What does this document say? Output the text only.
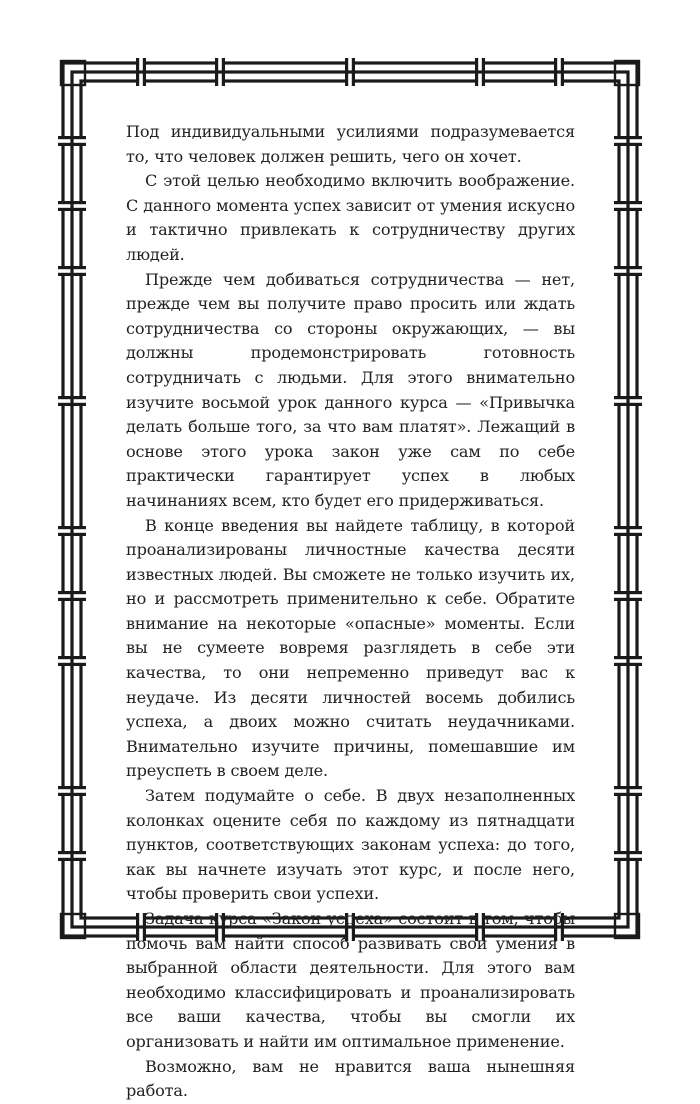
Под индивидуальными усилиями подразумевается то, что человек должен решить, чего он хочет.

С этой целью необходимо включить воображение. С данного момента успех зависит от умения искусно и тактично привлекать к сотрудничеству других людей.

Прежде чем добиваться сотрудничества — нет, прежде чем вы получите право просить или ждать сотрудничества со стороны окружающих, — вы должны продемонстрировать готовность сотрудничать с людьми. Для этого внимательно изучите восьмой урок данного курса — «Привычка делать больше того, за что вам платят». Лежащий в основе этого урока закон уже сам по себе практически гарантирует успех в любых начинаниях всем, кто будет его придерживаться.

В конце введения вы найдете таблицу, в которой проанализированы личностные качества десяти известных людей. Вы сможете не только изучить их, но и рассмотреть применительно к себе. Обратите внимание на некоторые «опасные» моменты. Если вы не сумеете вовремя разглядеть в себе эти качества, то они непременно приведут вас к неудаче. Из десяти личностей восемь добились успеха, а двоих можно считать неудачниками. Внимательно изучите причины, помешавшие им преуспеть в своем деле.

Затем подумайте о себе. В двух незаполненных колонках оцените себя по каждому из пятнадцати пунктов, соответствующих законам успеха: до того, как вы начнете изучать этот курс, и после него, чтобы проверить свои успехи.

Задача курса «Закон успеха» состоит в том, чтобы помочь вам найти способ развивать свои умения в выбранной области деятельности. Для этого вам необходимо классифицировать и проанализировать все ваши качества, чтобы вы смогли их организовать и найти им оптимальное применение.

Возможно, вам не нравится ваша нынешняя работа.
